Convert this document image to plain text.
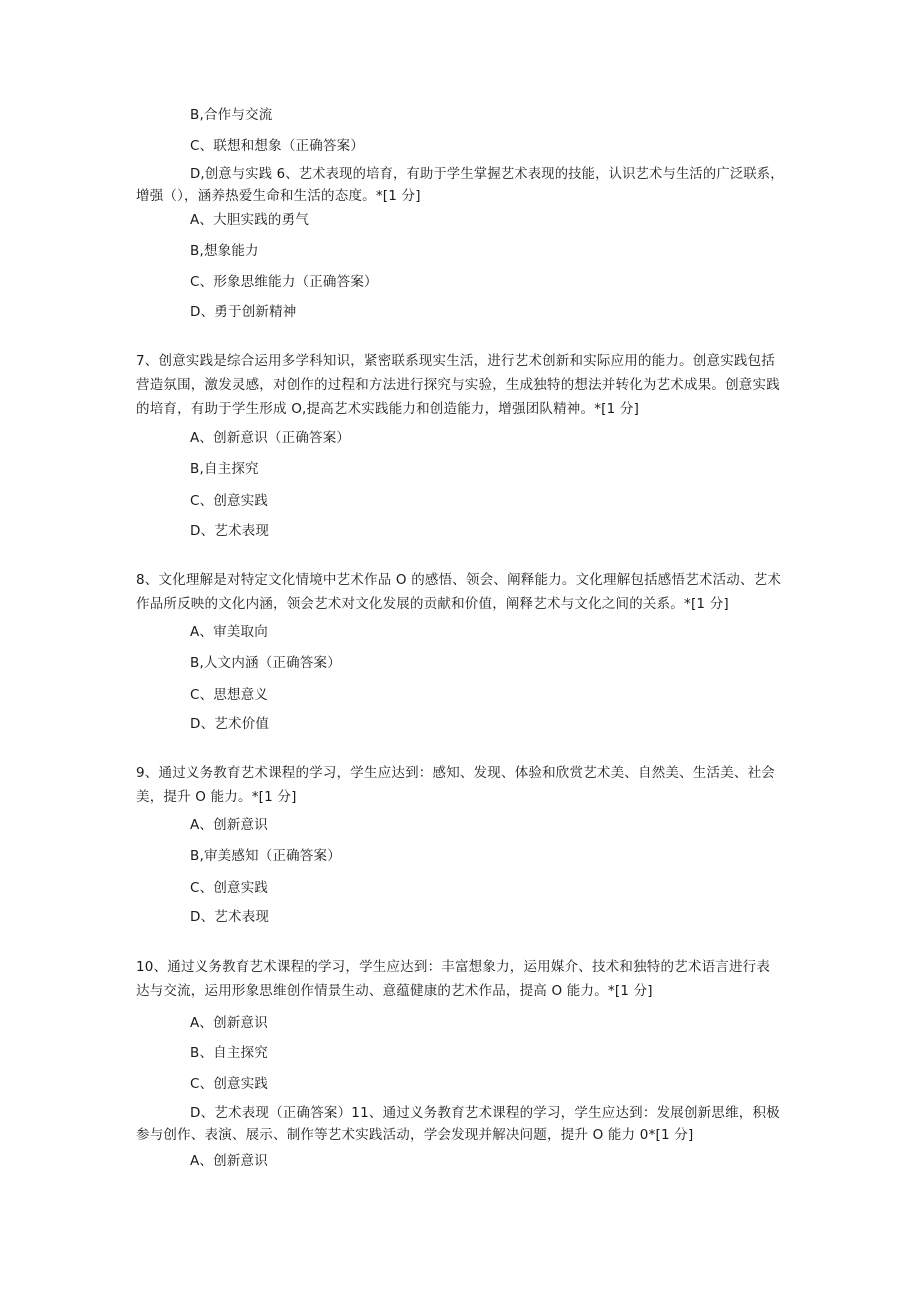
B,合作与交流
C、联想和想象（正确答案）
D,创意与实践 6、艺术表现的培育，有助于学生掌握艺术表现的技能，认识艺术与生活的广泛联系，
增强（），涵养热爱生命和生活的态度。*[1 分]
A、大胆实践的勇气
B,想象能力
C、形象思维能力（正确答案）
D、勇于创新精神
7、创意实践是综合运用多学科知识，紧密联系现实生活，进行艺术创新和实际应用的能力。创意实践包括
营造氛围，激发灵感，对创作的过程和方法进行探究与实验，生成独特的想法并转化为艺术成果。创意实践
的培育，有助于学生形成 O,提高艺术实践能力和创造能力，增强团队精神。*[1 分]
A、创新意识（正确答案）
B,自主探究
C、创意实践
D、艺术表现
8、文化理解是对特定文化情境中艺术作品 O 的感悟、领会、阐释能力。文化理解包括感悟艺术活动、艺术
作品所反映的文化内涵，领会艺术对文化发展的贡献和价值，阐释艺术与文化之间的关系。*[1 分]
A、审美取向
B,人文内涵（正确答案）
C、思想意义
D、艺术价值
9、通过义务教育艺术课程的学习，学生应达到：感知、发现、体验和欣赏艺术美、自然美、生活美、社会
美，提升 O 能力。*[1 分]
A、创新意识
B,审美感知（正确答案）
C、创意实践
D、艺术表现
10、通过义务教育艺术课程的学习，学生应达到：丰富想象力，运用媒介、技术和独特的艺术语言进行表
达与交流，运用形象思维创作情景生动、意蕴健康的艺术作品，提高 O 能力。*[1 分]
A、创新意识
B、自主探究
C、创意实践
D、艺术表现（正确答案）11、通过义务教育艺术课程的学习，学生应达到：发展创新思维，积极
参与创作、表演、展示、制作等艺术实践活动，学会发现并解决问题，提升 O 能力 0*[1 分]
A、创新意识
